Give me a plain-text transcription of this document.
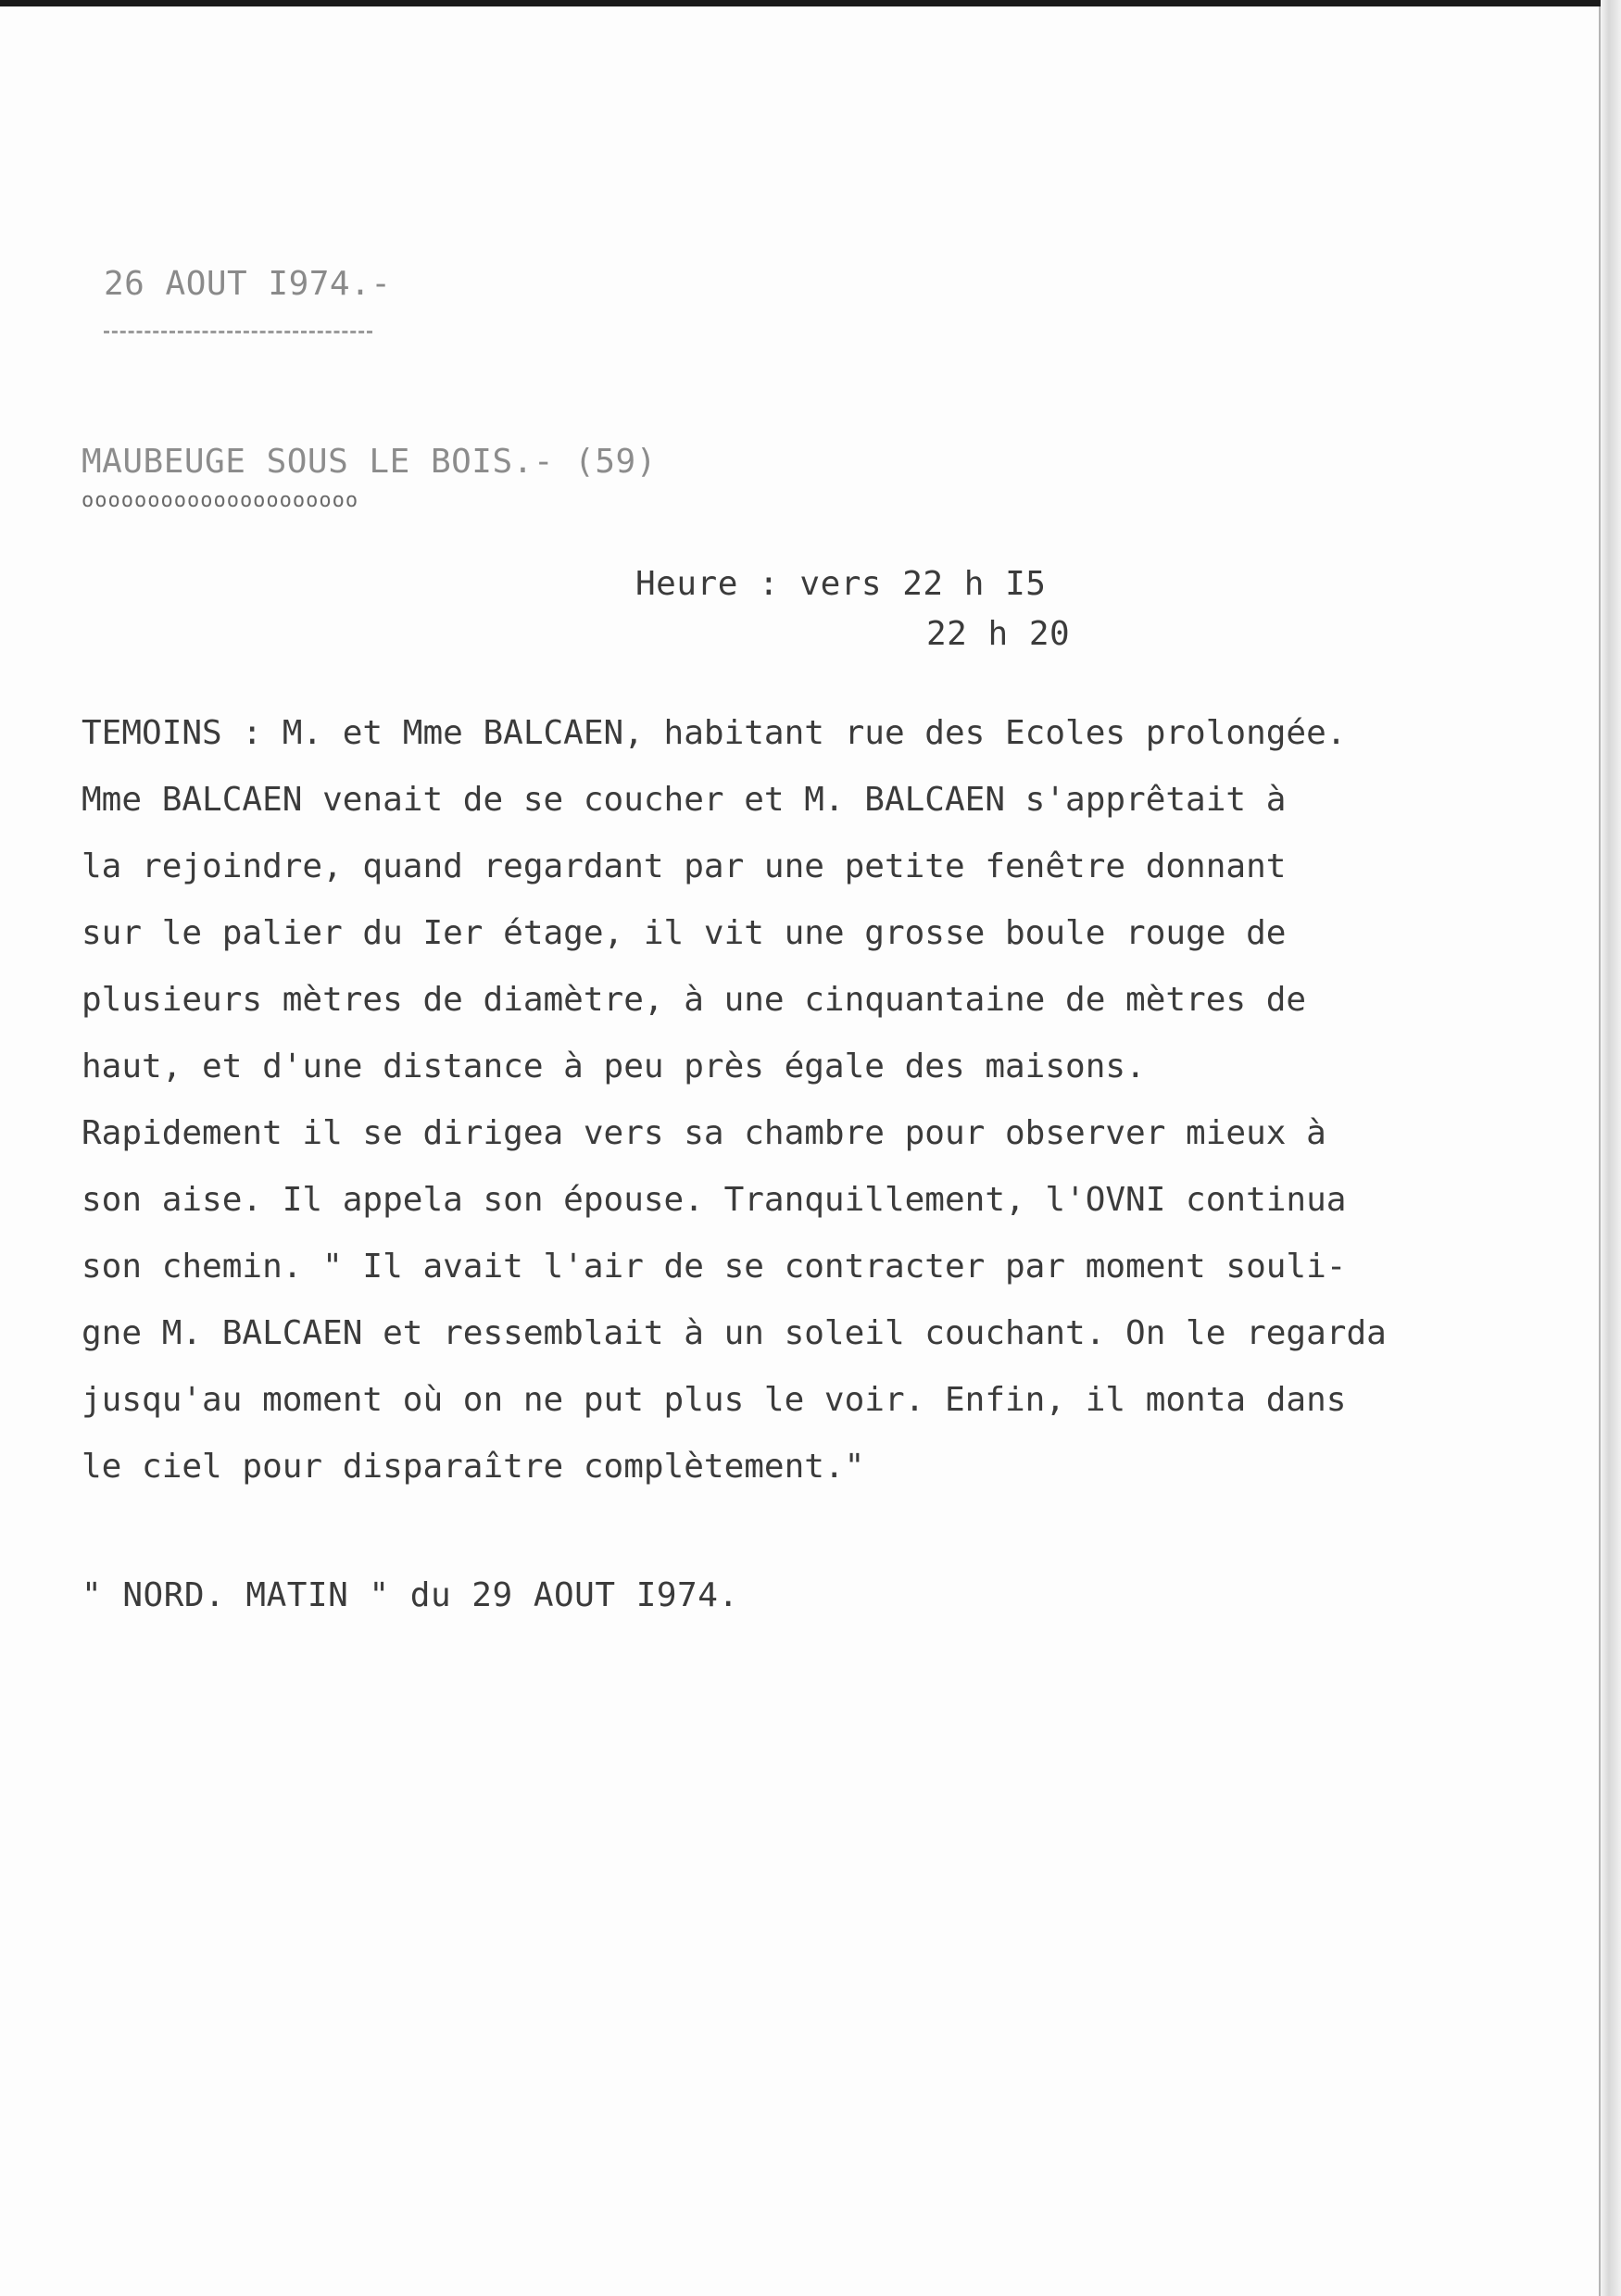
26 AOUT I974.-
MAUBEUGE SOUS LE BOIS.- (59)
ooooooooooooooooooooo
Heure : vers 22 h I5
22 h 20
TEMOINS : M. et Mme BALCAEN, habitant rue des Ecoles prolongée.
Mme BALCAEN venait de se coucher et M. BALCAEN s'apprêtait à
la rejoindre, quand regardant par une petite fenêtre donnant
sur le palier du Ier étage, il vit une grosse boule rouge de
plusieurs mètres de diamètre, à une cinquantaine de mètres de
haut, et d'une distance à peu près égale des maisons.
Rapidement il se dirigea vers sa chambre pour observer mieux à
son aise. Il appela son épouse. Tranquillement, l'OVNI continua
son chemin. " Il avait l'air de se contracter par moment souli-
gne M. BALCAEN et ressemblait à un soleil couchant. On le regarda
jusqu'au moment où on ne put plus le voir. Enfin, il monta dans
le ciel pour disparaître complètement."
" NORD. MATIN " du 29 AOUT I974.
